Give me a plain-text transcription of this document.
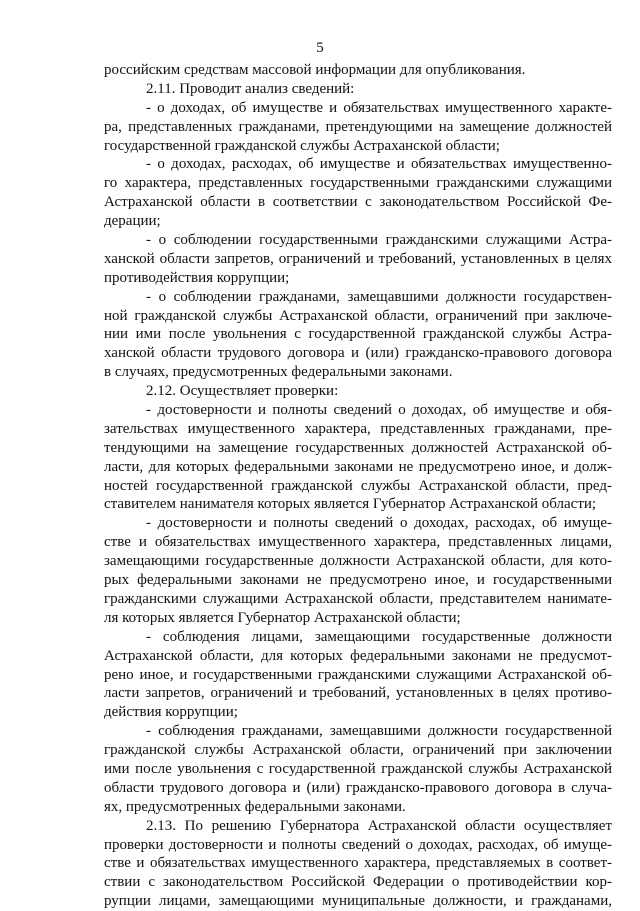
5
российским средствам массовой информации для опубликования.
2.11. Проводит анализ сведений:
- о доходах, об имуществе и обязательствах имущественного характе-
ра, представленных гражданами, претендующими на замещение должностей
государственной гражданской службы Астраханской области;
- о доходах, расходах, об имуществе и обязательствах имущественно-
го характера, представленных государственными гражданскими служащими
Астраханской области в соответствии с законодательством Российской Фе-
дерации;
- о соблюдении государственными гражданскими служащими Астра-
ханской области запретов, ограничений и требований, установленных в целях
противодействия коррупции;
- о соблюдении гражданами, замещавшими должности государствен-
ной гражданской службы Астраханской области, ограничений при заключе-
нии ими после увольнения с государственной гражданской службы Астра-
ханской области трудового договора и (или) гражданско-правового договора
в случаях, предусмотренных федеральными законами.
2.12. Осуществляет проверки:
- достоверности и полноты сведений о доходах, об имуществе и обя-
зательствах имущественного характера, представленных гражданами, пре-
тендующими на замещение государственных должностей Астраханской об-
ласти, для которых федеральными законами не предусмотрено иное, и долж-
ностей государственной гражданской службы Астраханской области, пред-
ставителем нанимателя которых является Губернатор Астраханской области;
- достоверности и полноты сведений о доходах, расходах, об имуще-
стве и обязательствах имущественного характера, представленных лицами,
замещающими государственные должности Астраханской области, для кото-
рых федеральными законами не предусмотрено иное, и государственными
гражданскими служащими Астраханской области, представителем нанимате-
ля которых является Губернатор Астраханской области;
- соблюдения лицами, замещающими государственные должности
Астраханской области, для которых федеральными законами не предусмот-
рено иное, и государственными гражданскими служащими Астраханской об-
ласти запретов, ограничений и требований, установленных в целях противо-
действия коррупции;
- соблюдения гражданами, замещавшими должности государственной
гражданской службы Астраханской области, ограничений при заключении
ими после увольнения с государственной гражданской службы Астраханской
области трудового договора и (или) гражданско-правового договора в случа-
ях, предусмотренных федеральными законами.
2.13. По решению Губернатора Астраханской области осуществляет
проверки достоверности и полноты сведений о доходах, расходах, об имуще-
стве и обязательствах имущественного характера, представляемых в соответ-
ствии с законодательством Российской Федерации о противодействии кор-
рупции лицами, замещающими муниципальные должности, и гражданами,
